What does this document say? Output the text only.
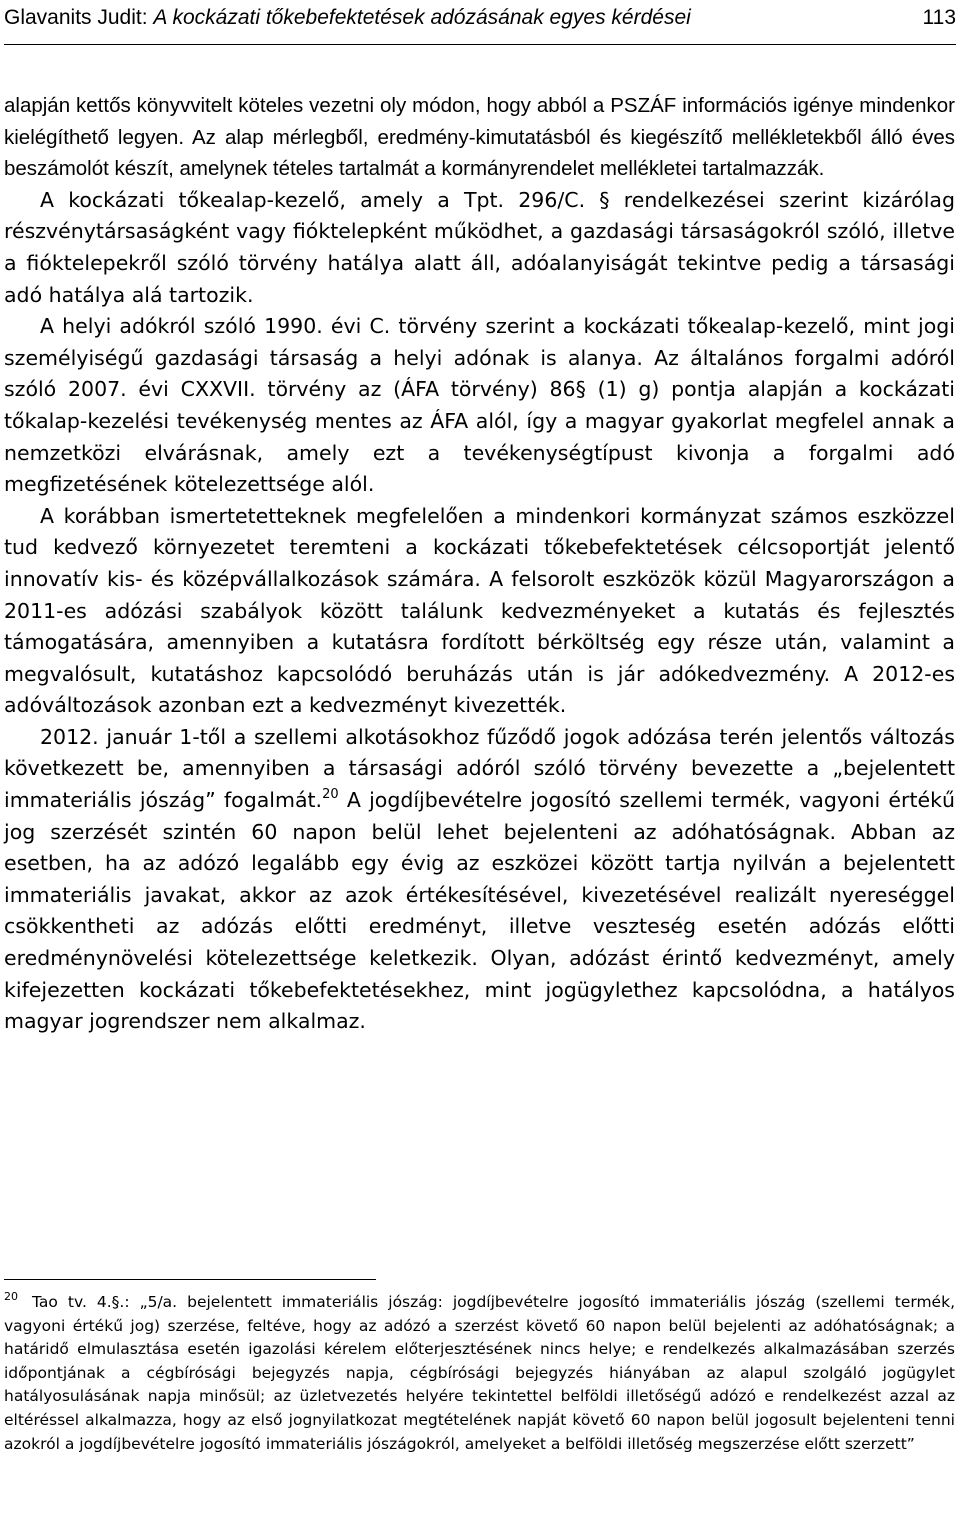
Glavanits Judit: A kockázati tőkebefektetések adózásának egyes kérdései	113

alapján kettős könyvvitelt köteles vezetni oly módon, hogy abból a PSZÁF információs igénye mindenkor kielégíthető legyen. Az alap mérlegből, eredmény-kimutatásból és kiegészítő mellékletekből álló éves beszámolót készít, amelynek tételes tartalmát a kormányrendelet mellékletei tartalmazzák.

A kockázati tőkealap-kezelő, amely a Tpt. 296/C. § rendelkezései szerint kizárólag részvénytársaságként vagy fióktelepként működhet, a gazdasági társaságokról szóló, illetve a fióktelepekről szóló törvény hatálya alatt áll, adóalanyiságát tekintve pedig a társasági adó hatálya alá tartozik.

A helyi adókról szóló 1990. évi C. törvény szerint a kockázati tőkealap-kezelő, mint jogi személyiségű gazdasági társaság a helyi adónak is alanya. Az általános forgalmi adóról szóló 2007. évi CXXVII. törvény az (ÁFA törvény) 86§ (1) g) pontja alapján a kockázati tőkalap-kezelési tevékenység mentes az ÁFA alól, így a magyar gyakorlat megfelel annak a nemzetközi elvárásnak, amely ezt a tevékenységtípust kivonja a forgalmi adó megfizetésének kötelezettsége alól.

A korábban ismertetetteknek megfelelően a mindenkori kormányzat számos eszközzel tud kedvező környezetet teremteni a kockázati tőkebefektetések célcsoportját jelentő innovatív kis- és középvállalkozások számára. A felsorolt eszközök közül Magyarországon a 2011-es adózási szabályok között találunk kedvezményeket a kutatás és fejlesztés támogatására, amennyiben a kutatásra fordított bérköltség egy része után, valamint a megvalósult, kutatáshoz kapcsolódó beruházás után is jár adókedvezmény. A 2012-es adóváltozások azonban ezt a kedvezményt kivezették.

2012. január 1-től a szellemi alkotásokhoz fűződő jogok adózása terén jelentős változás következett be, amennyiben a társasági adóról szóló törvény bevezette a „bejelentett immateriális jószág” fogalmát.$^{20}$ A jogdíjbevételre jogosító szellemi termék, vagyoni értékű jog szerzését szintén 60 napon belül lehet bejelenteni az adóhatóságnak. Abban az esetben, ha az adózó legalább egy évig az eszközei között tartja nyilván a bejelentett immateriális javakat, akkor az azok értékesítésével, kivezetésével realizált nyereséggel csökkentheti az adózás előtti eredményt, illetve veszteség esetén adózás előtti eredménynövelési kötelezettsége keletkezik. Olyan, adózást érintő kedvezményt, amely kifejezetten kockázati tőkebefektetésekhez, mint jogügylethez kapcsolódna, a hatályos magyar jogrendszer nem alkalmaz.

$^{20}$ Tao tv. 4.§.: „5/a. bejelentett immateriális jószág: jogdíjbevételre jogosító immateriális jószág (szellemi termék, vagyoni értékű jog) szerzése, feltéve, hogy az adózó a szerzést követő 60 napon belül bejelenti az adóhatóságnak; a határidő elmulasztása esetén igazolási kérelem előterjesztésének nincs helye; e rendelkezés alkalmazásában szerzés időpontjának a cégbírósági bejegyzés napja, cégbírósági bejegyzés hiányában az alapul szolgáló jogügylet hatályosulásának napja minősül; az üzletvezetés helyére tekintettel belföldi illetőségű adózó e rendelkezést azzal az eltéréssel alkalmazza, hogy az első jognyilatkozat megtételének napját követő 60 napon belül jogosult bejelenteni tenni azokról a jogdíjbevételre jogosító immateriális jószágokról, amelyeket a belföldi illetőség megszerzése előtt szerzett”
